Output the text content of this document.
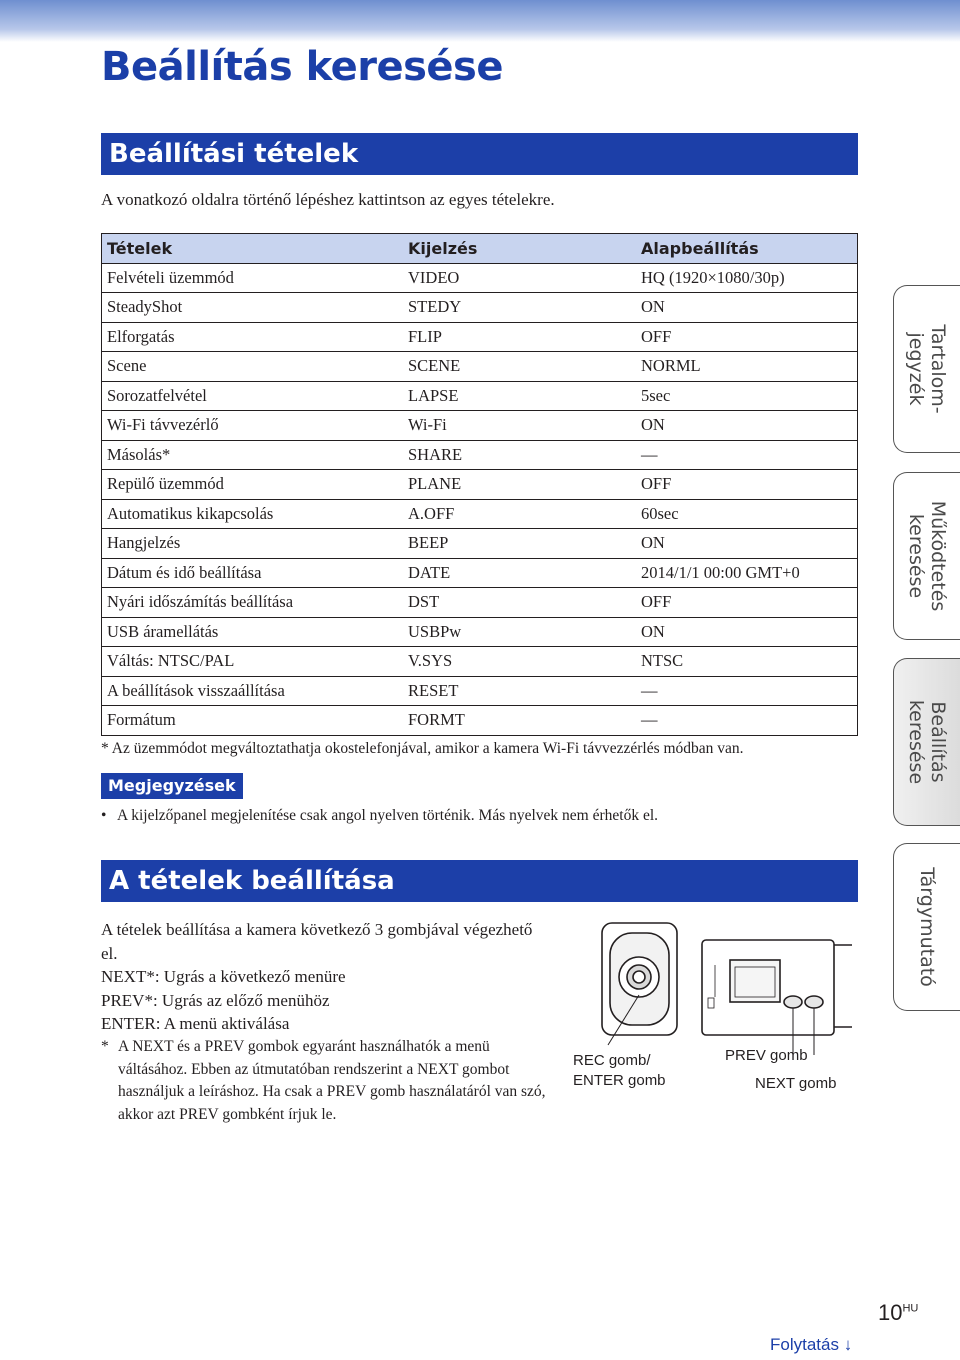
Beállítás keresése
Beállítási tételek
A vonatkozó oldalra történő lépéshez kattintson az egyes tételekre.
Tételek	Kijelzés	Alapbeállítás
Felvételi üzemmód	VIDEO	HQ (1920×1080/30p)
SteadyShot	STEDY	ON
Elforgatás	FLIP	OFF
Scene	SCENE	NORML
Sorozatfelvétel	LAPSE	5sec
Wi-Fi távvezérlő	Wi-Fi	ON
Másolás*	SHARE	—
Repülő üzemmód	PLANE	OFF
Automatikus kikapcsolás	A.OFF	60sec
Hangjelzés	BEEP	ON
Dátum és idő beállítása	DATE	2014/1/1 00:00 GMT+0
Nyári időszámítás beállítása	DST	OFF
USB áramellátás	USBPw	ON
Váltás: NTSC/PAL	V.SYS	NTSC
A beállítások visszaállítása	RESET	—
Formátum	FORMT	—
* Az üzemmódot megváltoztathatja okostelefonjával, amikor a kamera Wi-Fi távvezzérlés módban van.
Megjegyzések
• A kijelzőpanel megjelenítése csak angol nyelven történik. Más nyelvek nem érhetők el.
A tételek beállítása

A tételek beállítása a kamera következő 3 gombjával végezhető el.

NEXT*: Ugrás a következő menüre

PREV*: Ugrás az előző menühöz

ENTER: A menü aktiválása

* A NEXT és a PREV gombok egyaránt használhatók a menü váltásához. Ebben az útmutatóban rendszerint a NEXT gombot használjuk a leíráshoz. Ha csak a PREV gomb használatáról van szó, akkor azt PREV gombként írjuk le.
REC gomb/
ENTER gomb
PREV gomb
NEXT gomb
Tartalom-
jegyzék
Működtetés
keresése
Beállítás
keresése
Tárgymutató
$10^{HU}$
Folytatás ↓
